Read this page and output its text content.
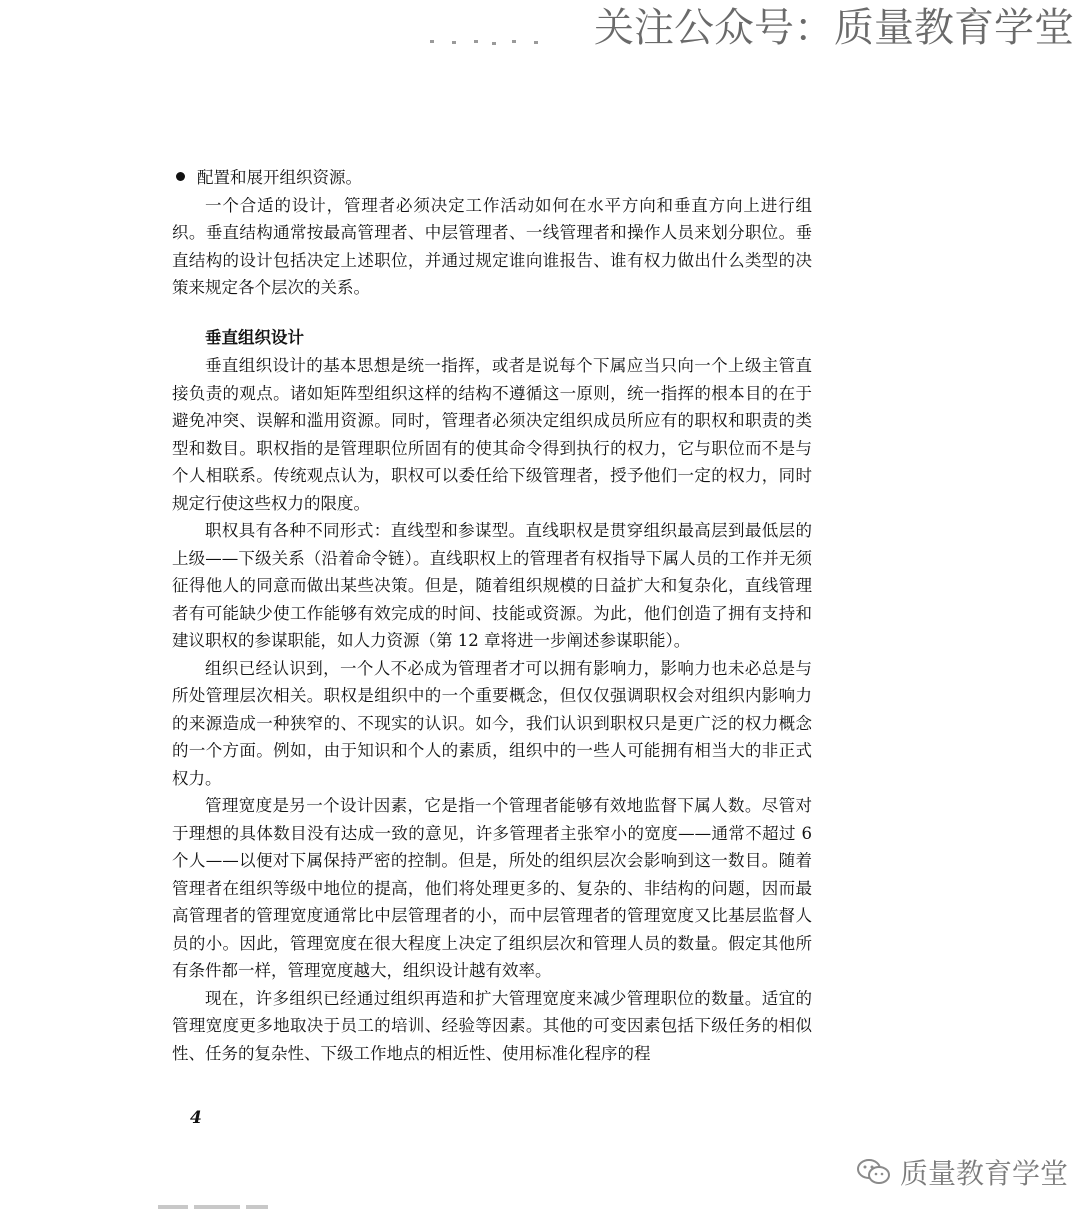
关注公众号：质量教育学堂
配置和展开组织资源。

一个合适的设计，管理者必须决定工作活动如何在水平方向和垂直方向上进行组织。垂直结构通常按最高管理者、中层管理者、一线管理者和操作人员来划分职位。垂直结构的设计包括决定上述职位，并通过规定谁向谁报告、谁有权力做出什么类型的决策来规定各个层次的关系。

垂直组织设计

垂直组织设计的基本思想是统一指挥，或者是说每个下属应当只向一个上级主管直接负责的观点。诸如矩阵型组织这样的结构不遵循这一原则，统一指挥的根本目的在于避免冲突、误解和滥用资源。同时，管理者必须决定组织成员所应有的职权和职责的类型和数目。职权指的是管理职位所固有的使其命令得到执行的权力，它与职位而不是与个人相联系。传统观点认为，职权可以委任给下级管理者，授予他们一定的权力，同时规定行使这些权力的限度。

职权具有各种不同形式：直线型和参谋型。直线职权是贯穿组织最高层到最低层的上级——下级关系（沿着命令链）。直线职权上的管理者有权指导下属人员的工作并无须征得他人的同意而做出某些决策。但是，随着组织规模的日益扩大和复杂化，直线管理者有可能缺少使工作能够有效完成的时间、技能或资源。为此，他们创造了拥有支持和建议职权的参谋职能，如人力资源（第 12 章将进一步阐述参谋职能）。

组织已经认识到，一个人不必成为管理者才可以拥有影响力，影响力也未必总是与所处管理层次相关。职权是组织中的一个重要概念，但仅仅强调职权会对组织内影响力的来源造成一种狭窄的、不现实的认识。如今，我们认识到职权只是更广泛的权力概念的一个方面。例如，由于知识和个人的素质，组织中的一些人可能拥有相当大的非正式权力。

管理宽度是另一个设计因素，它是指一个管理者能够有效地监督下属人数。尽管对于理想的具体数目没有达成一致的意见，许多管理者主张窄小的宽度——通常不超过 6 个人——以便对下属保持严密的控制。但是，所处的组织层次会影响到这一数目。随着管理者在组织等级中地位的提高，他们将处理更多的、复杂的、非结构的问题，因而最高管理者的管理宽度通常比中层管理者的小，而中层管理者的管理宽度又比基层监督人员的小。因此，管理宽度在很大程度上决定了组织层次和管理人员的数量。假定其他所有条件都一样，管理宽度越大，组织设计越有效率。

现在，许多组织已经通过组织再造和扩大管理宽度来减少管理职位的数量。适宜的管理宽度更多地取决于员工的培训、经验等因素。其他的可变因素包括下级任务的相似性、任务的复杂性、下级工作地点的相近性、使用标准化程序的程

4
质量教育学堂
